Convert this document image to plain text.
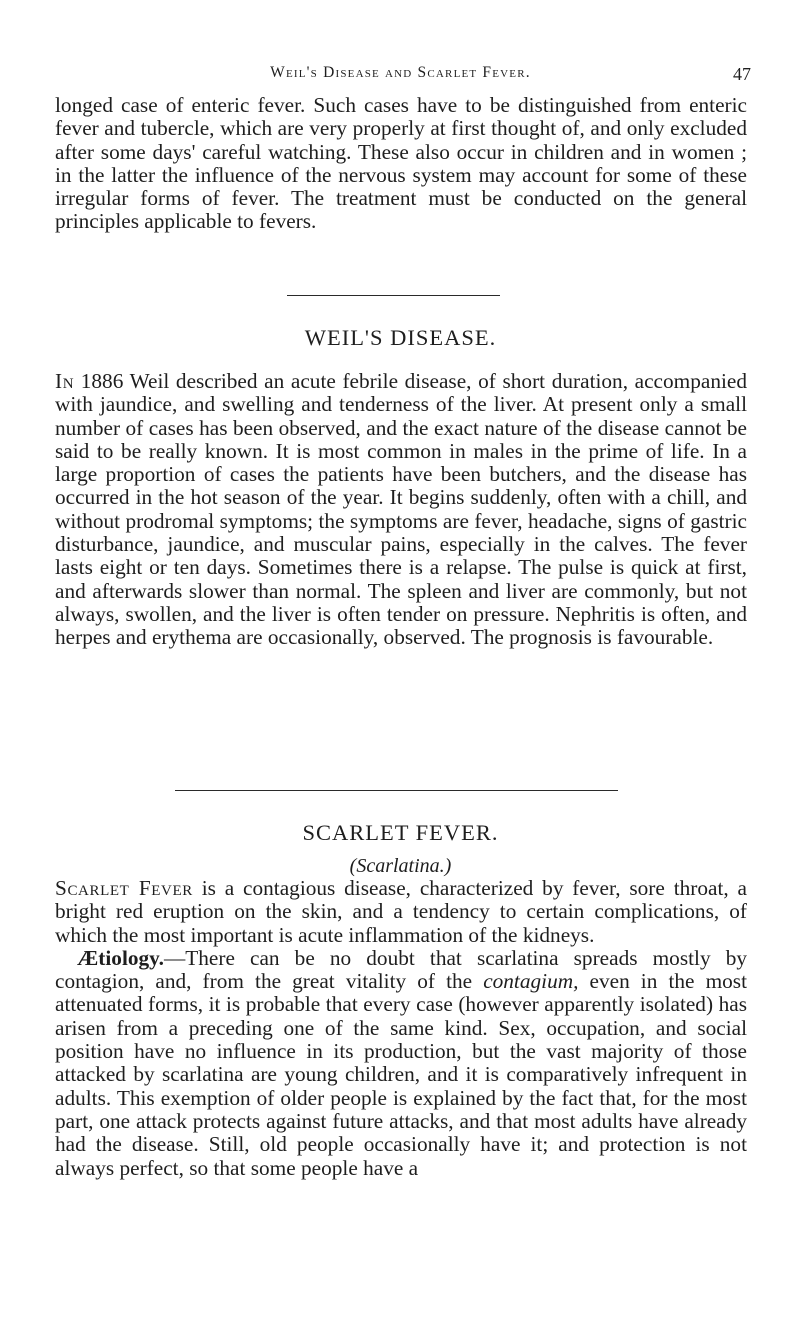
Weil's Disease and Scarlet Fever.	47

longed case of enteric fever. Such cases have to be distinguished from enteric fever and tubercle, which are very properly at first thought of, and only excluded after some days' careful watching. These also occur in children and in women ; in the latter the influence of the nervous system may account for some of these irregular forms of fever. The treatment must be conducted on the general principles applicable to fevers.

WEIL'S DISEASE.

In 1886 Weil described an acute febrile disease, of short duration, accompanied with jaundice, and swelling and tenderness of the liver. At present only a small number of cases has been observed, and the exact nature of the disease cannot be said to be really known. It is most common in males in the prime of life. In a large proportion of cases the patients have been butchers, and the disease has occurred in the hot season of the year. It begins suddenly, often with a chill, and without prodromal symptoms; the symptoms are fever, headache, signs of gastric disturbance, jaundice, and muscular pains, especially in the calves. The fever lasts eight or ten days. Sometimes there is a relapse. The pulse is quick at first, and afterwards slower than normal. The spleen and liver are commonly, but not always, swollen, and the liver is often tender on pressure. Nephritis is often, and herpes and erythema are occasionally, observed. The prognosis is favourable.

SCARLET FEVER.
(Scarlatina.)

Scarlet Fever is a contagious disease, characterized by fever, sore throat, a bright red eruption on the skin, and a tendency to certain complications, of which the most important is acute inflammation of the kidneys.

Ætiology.—There can be no doubt that scarlatina spreads mostly by contagion, and, from the great vitality of the contagium, even in the most attenuated forms, it is probable that every case (however apparently isolated) has arisen from a preceding one of the same kind. Sex, occupation, and social position have no influence in its production, but the vast majority of those attacked by scarlatina are young children, and it is comparatively infrequent in adults. This exemption of older people is explained by the fact that, for the most part, one attack protects against future attacks, and that most adults have already had the disease. Still, old people occasionally have it; and protection is not always perfect, so that some people have a
